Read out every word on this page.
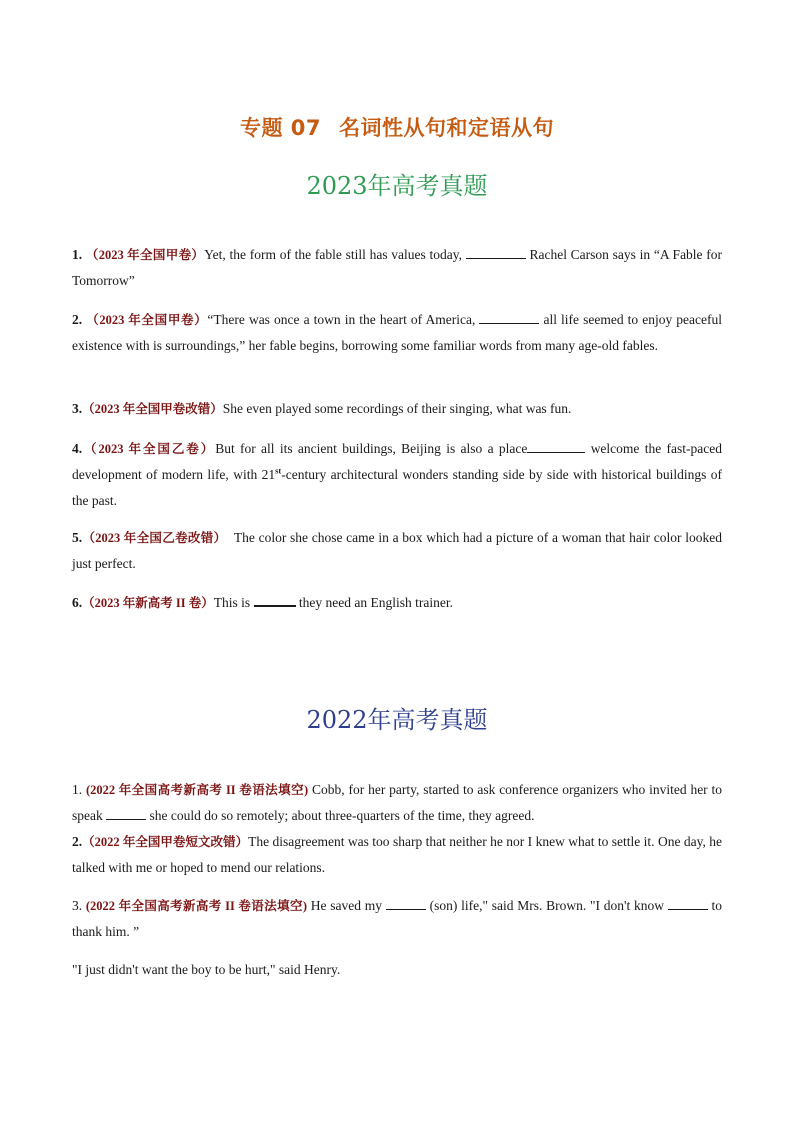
专题 07 名词性从句和定语从句
2023年高考真题
1. （2023 年全国甲卷）Yet, the form of the fable still has values today,	Rachel Carson says in “A Fable for Tomorrow”
2. （2023 年全国甲卷）“There was once a town in the heart of America,	all life seemed to enjoy peaceful existence with is surroundings,” her fable begins, borrowing some familiar words from many age-old fables.
3.（2023 年全国甲卷改错）She even played some recordings of their singing, what was fun.
4.（2023 年全国乙卷）But for all its ancient buildings, Beijing is also a place	welcome the fast-paced development of modern life, with 21st-century architectural wonders standing side by side with historical buildings of the past.
5.（2023 年全国乙卷改错） The color she chose came in a box which had a picture of a woman that hair color looked just perfect.
6.（2023 年新高考 II 卷）This is	they need an English trainer.
2022年高考真题
1. (2022 年全国高考新高考 II 卷语法填空) Cobb, for her party, started to ask conference organizers who invited her to speak	she could do so remotely; about three-quarters of the time, they agreed.
2.（2022 年全国甲卷短文改错）The disagreement was too sharp that neither he nor I knew what to settle it. One day, he talked with me or hoped to mend our relations.
3. (2022 年全国高考新高考 II 卷语法填空) He saved my	(son) life," said Mrs. Brown. "I don't know	to thank him. ”
"I just didn't want the boy to be hurt," said Henry.
